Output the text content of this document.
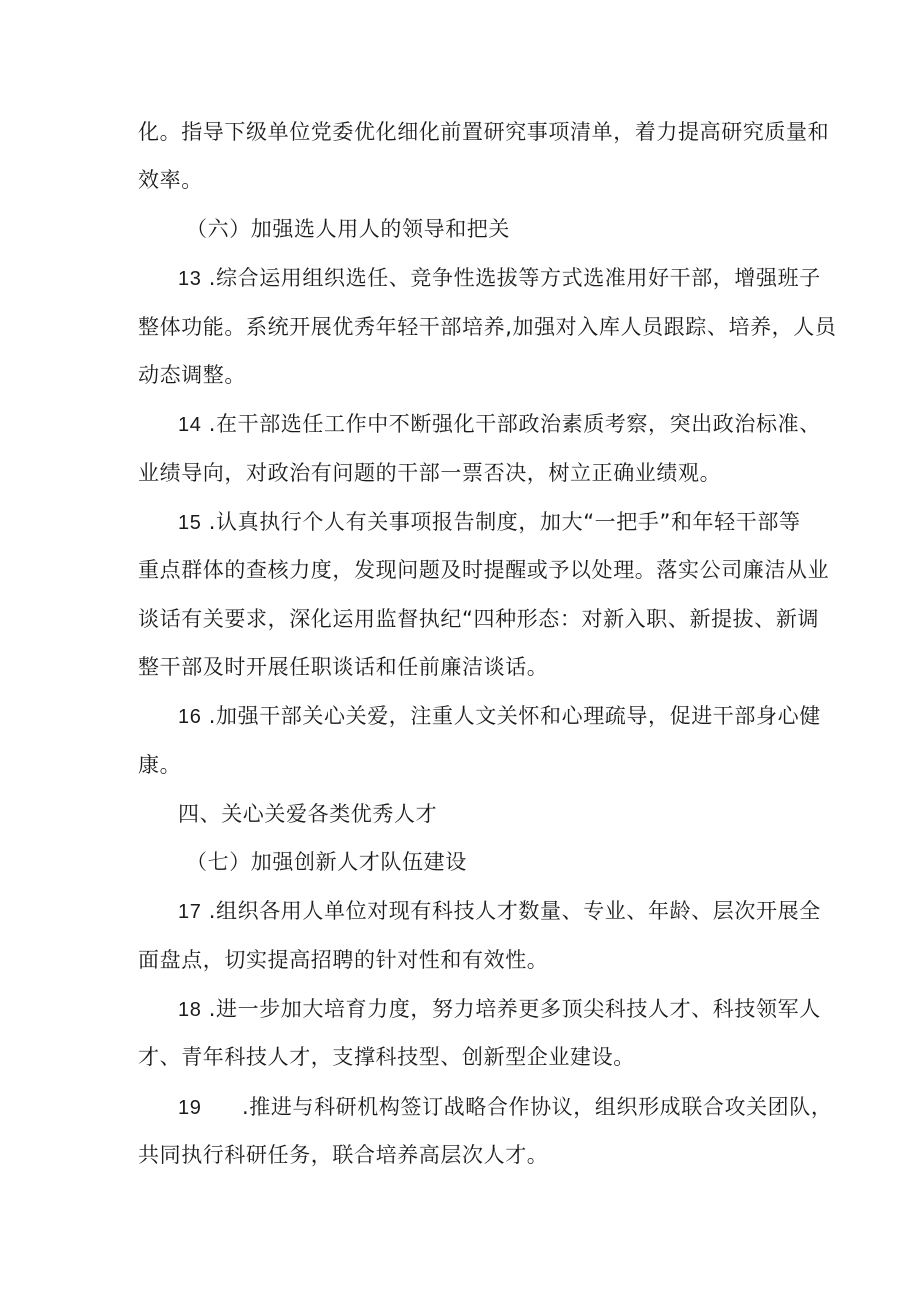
化。指导下级单位党委优化细化前置研究事项清单，着力提高研究质量和
效率。
（六）加强选人用人的领导和把关
13 .综合运用组织选任、竞争性选拔等方式选准用好干部，增强班子
整体功能。系统开展优秀年轻干部培养,加强对入库人员跟踪、培养，人员
动态调整。
14 .在干部选任工作中不断强化干部政治素质考察，突出政治标准、
业绩导向，对政治有问题的干部一票否决，树立正确业绩观。
15 .认真执行个人有关事项报告制度，加大“一把手”和年轻干部等
重点群体的查核力度，发现问题及时提醒或予以处理。落实公司廉洁从业
谈话有关要求，深化运用监督执纪“四种形态：对新入职、新提拔、新调
整干部及时开展任职谈话和任前廉洁谈话。
16 .加强干部关心关爱，注重人文关怀和心理疏导，促进干部身心健
康。
四、关心关爱各类优秀人才
（七）加强创新人才队伍建设
17 .组织各用人单位对现有科技人才数量、专业、年龄、层次开展全
面盘点，切实提高招聘的针对性和有效性。
18 .进一步加大培育力度，努力培养更多顶尖科技人才、科技领军人
才、青年科技人才，支撑科技型、创新型企业建设。
19 .推进与科研机构签订战略合作协议，组织形成联合攻关团队，
共同执行科研任务，联合培养高层次人才。
